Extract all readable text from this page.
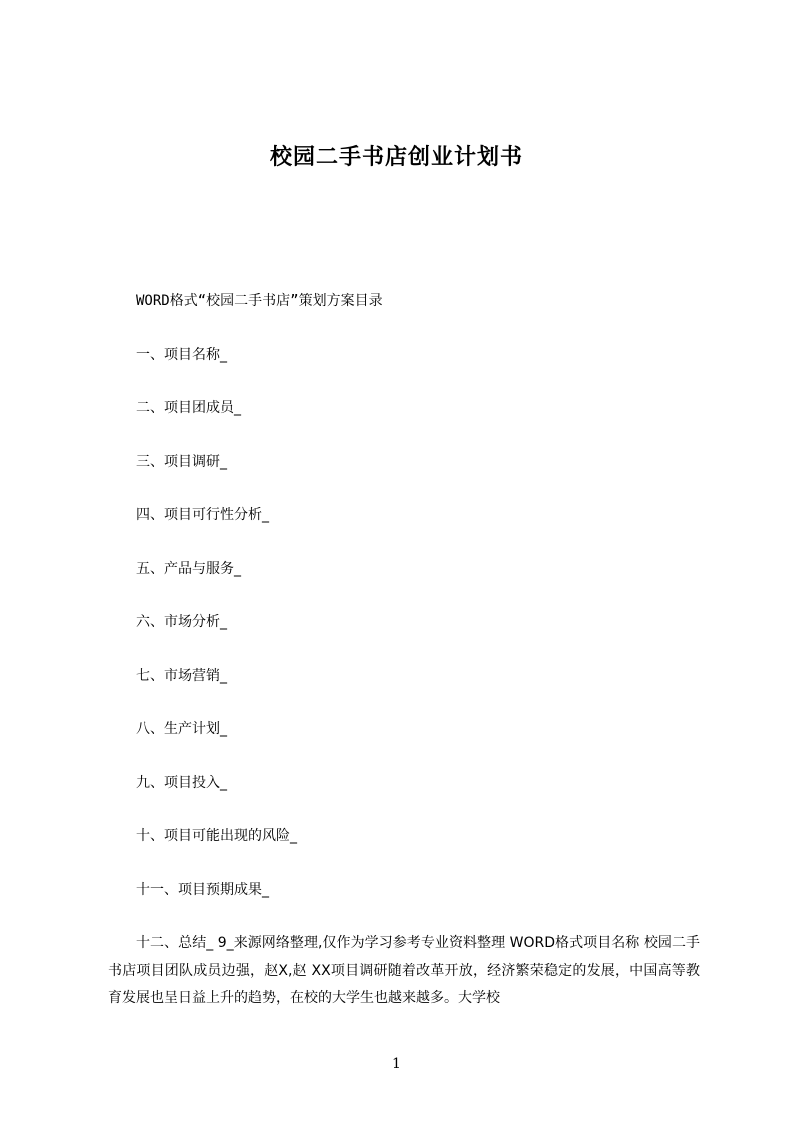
校园二手书店创业计划书
WORD格式“校园二手书店”策划方案目录
一、项目名称_
二、项目团成员_
三、项目调研_
四、项目可行性分析_
五、产品与服务_
六、市场分析_
七、市场营销_
八、生产计划_
九、项目投入_
十、项目可能出现的风险_
十一、项目预期成果_

十二、总结_ 9_来源网络整理,仅作为学习参考专业资料整理 WORD格式项目名称 校园二手书店项目团队成员边强，赵X,赵 XX项目调研随着改革开放，经济繁荣稳定的发展，中国高等教育发展也呈日益上升的趋势，在校的大学生也越来越多。大学校

1
